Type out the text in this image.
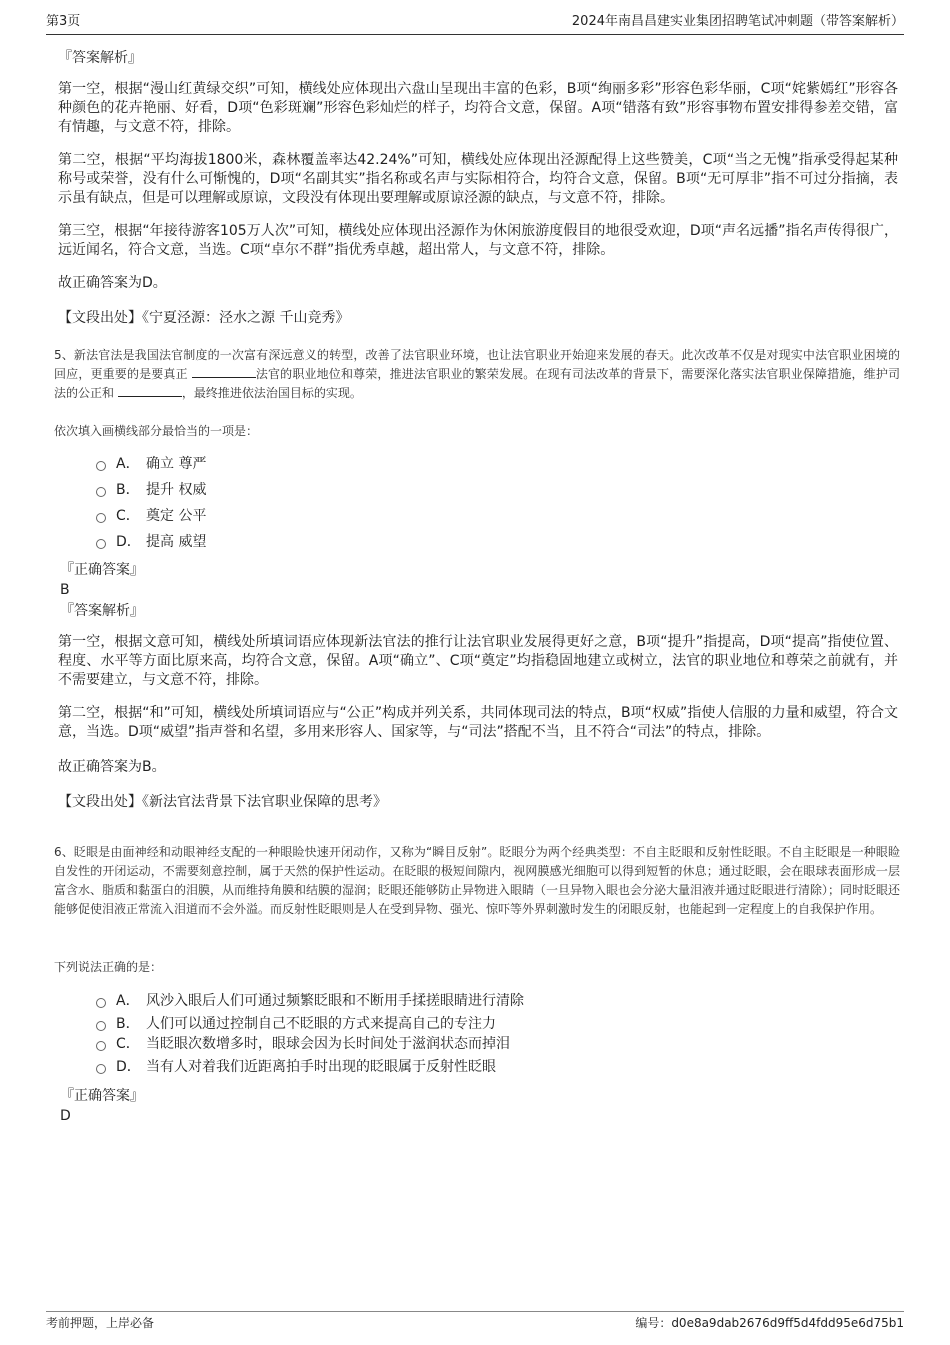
第3页	2024年南昌昌建实业集团招聘笔试冲刺题（带答案解析）

『答案解析』

第一空，根据“漫山红黄绿交织”可知，横线处应体现出六盘山呈现出丰富的色彩，B项“绚丽多彩”形容色彩华丽，C项“姹紫嫣红”形容各种颜色的花卉艳丽、好看，D项“色彩斑斓”形容色彩灿烂的样子，均符合文意，保留。A项“错落有致”形容事物布置安排得参差交错，富有情趣，与文意不符，排除。

第二空，根据“平均海拔1800米，森林覆盖率达42.24%”可知，横线处应体现出泾源配得上这些赞美，C项“当之无愧”指承受得起某种称号或荣誉，没有什么可惭愧的，D项“名副其实”指名称或名声与实际相符合，均符合文意，保留。B项“无可厚非”指不可过分指摘，表示虽有缺点，但是可以理解或原谅，文段没有体现出要理解或原谅泾源的缺点，与文意不符，排除。

第三空，根据“年接待游客105万人次”可知，横线处应体现出泾源作为休闲旅游度假目的地很受欢迎，D项“声名远播”指名声传得很广，远近闻名，符合文意，当选。C项“卓尔不群”指优秀卓越，超出常人，与文意不符，排除。

故正确答案为D。

【文段出处】《宁夏泾源：泾水之源 千山竞秀》

5、新法官法是我国法官制度的一次富有深远意义的转型，改善了法官职业环境，也让法官职业开始迎来发展的春天。此次改革不仅是对现实中法官职业困境的回应，更重要的是要真正	法官的职业地位和尊荣，推进法官职业的繁荣发展。在现有司法改革的背景下，需要深化落实法官职业保障措施，维护司法的公正和	，最终推进依法治国目标的实现。

依次填入画横线部分最恰当的一项是：

A． 确立 尊严
B． 提升 权威
C． 奠定 公平
D． 提高 威望

『正确答案』

B

『答案解析』

第一空，根据文意可知，横线处所填词语应体现新法官法的推行让法官职业发展得更好之意，B项“提升”指提高，D项“提高”指使位置、程度、水平等方面比原来高，均符合文意，保留。A项“确立”、C项“奠定”均指稳固地建立或树立，法官的职业地位和尊荣之前就有，并不需要建立，与文意不符，排除。

第二空，根据“和”可知，横线处所填词语应与“公正”构成并列关系，共同体现司法的特点，B项“权威”指使人信服的力量和威望，符合文意，当选。D项“威望”指声誉和名望，多用来形容人、国家等，与“司法”搭配不当，且不符合“司法”的特点，排除。

故正确答案为B。

【文段出处】《新法官法背景下法官职业保障的思考》

6、眨眼是由面神经和动眼神经支配的一种眼睑快速开闭动作，又称为“瞬目反射”。眨眼分为两个经典类型：不自主眨眼和反射性眨眼。不自主眨眼是一种眼睑自发性的开闭运动，不需要刻意控制，属于天然的保护性运动。在眨眼的极短间隙内，视网膜感光细胞可以得到短暂的休息；通过眨眼，会在眼球表面形成一层富含水、脂质和黏蛋白的泪膜，从而维持角膜和结膜的湿润；眨眼还能够防止异物进入眼睛（一旦异物入眼也会分泌大量泪液并通过眨眼进行清除）；同时眨眼还能够促使泪液正常流入泪道而不会外溢。而反射性眨眼则是人在受到异物、强光、惊吓等外界刺激时发生的闭眼反射，也能起到一定程度上的自我保护作用。

下列说法正确的是：

A． 风沙入眼后人们可通过频繁眨眼和不断用手揉搓眼睛进行清除
B． 人们可以通过控制自己不眨眼的方式来提高自己的专注力
C． 当眨眼次数增多时，眼球会因为长时间处于滋润状态而掉泪
D． 当有人对着我们近距离拍手时出现的眨眼属于反射性眨眼

『正确答案』

D

考前押题，上岸必备	编号：d0e8a9dab2676d9ff5d4fdd95e6d75b1
